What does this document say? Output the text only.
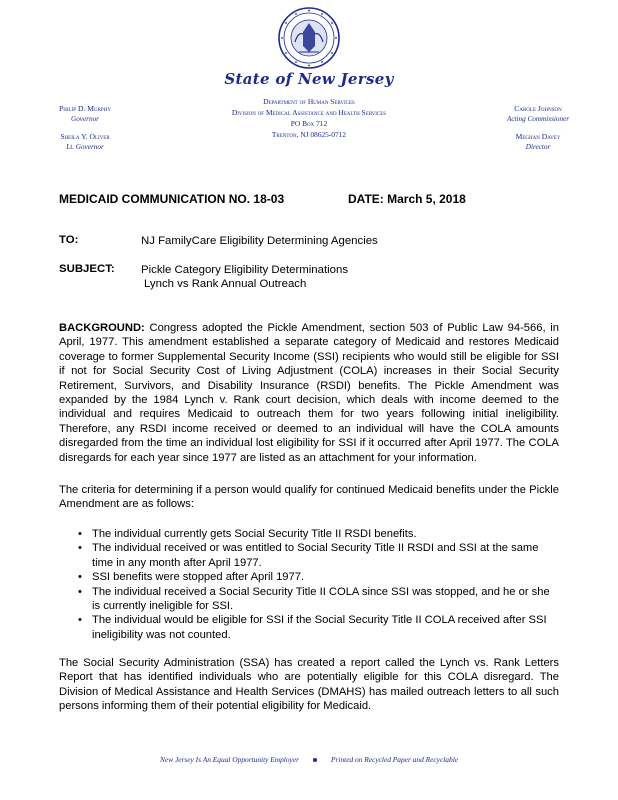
State of New Jersey
Department of Human Services
Division of Medical Assistance and Health Services
PO Box 712
Trenton, NJ 08625-0712
Philip D. Murphy
Governor
Sheila Y. Oliver
Lt. Governor
Carole Johnson
Acting Commissioner
Meghan Davey
Director
MEDICAID COMMUNICATION NO. 18-03	DATE: March 5, 2018
TO:	NJ FamilyCare Eligibility Determining Agencies
SUBJECT: Pickle Category Eligibility Determinations
Lynch vs Rank Annual Outreach
BACKGROUND: Congress adopted the Pickle Amendment, section 503 of Public Law 94-566, in April, 1977. This amendment established a separate category of Medicaid and restores Medicaid coverage to former Supplemental Security Income (SSI) recipients who would still be eligible for SSI if not for Social Security Cost of Living Adjustment (COLA) increases in their Social Security Retirement, Survivors, and Disability Insurance (RSDI) benefits. The Pickle Amendment was expanded by the 1984 Lynch v. Rank court decision, which deals with income deemed to the individual and requires Medicaid to outreach them for two years following initial ineligibility. Therefore, any RSDI income received or deemed to an individual will have the COLA amounts disregarded from the time an individual lost eligibility for SSI if it occurred after April 1977. The COLA disregards for each year since 1977 are listed as an attachment for your information.
The criteria for determining if a person would qualify for continued Medicaid benefits under the Pickle Amendment are as follows:
• The individual currently gets Social Security Title II RSDI benefits.
• The individual received or was entitled to Social Security Title II RSDI and SSI at the same time in any month after April 1977.
• SSI benefits were stopped after April 1977.
• The individual received a Social Security Title II COLA since SSI was stopped, and he or she is currently ineligible for SSI.
• The individual would be eligible for SSI if the Social Security Title II COLA received after SSI ineligibility was not counted.
The Social Security Administration (SSA) has created a report called the Lynch vs. Rank Letters Report that has identified individuals who are potentially eligible for this COLA disregard. The Division of Medical Assistance and Health Services (DMAHS) has mailed outreach letters to all such persons informing them of their potential eligibility for Medicaid.
New Jersey Is An Equal Opportunity Employer	Printed on Recycled Paper and Recyclable
